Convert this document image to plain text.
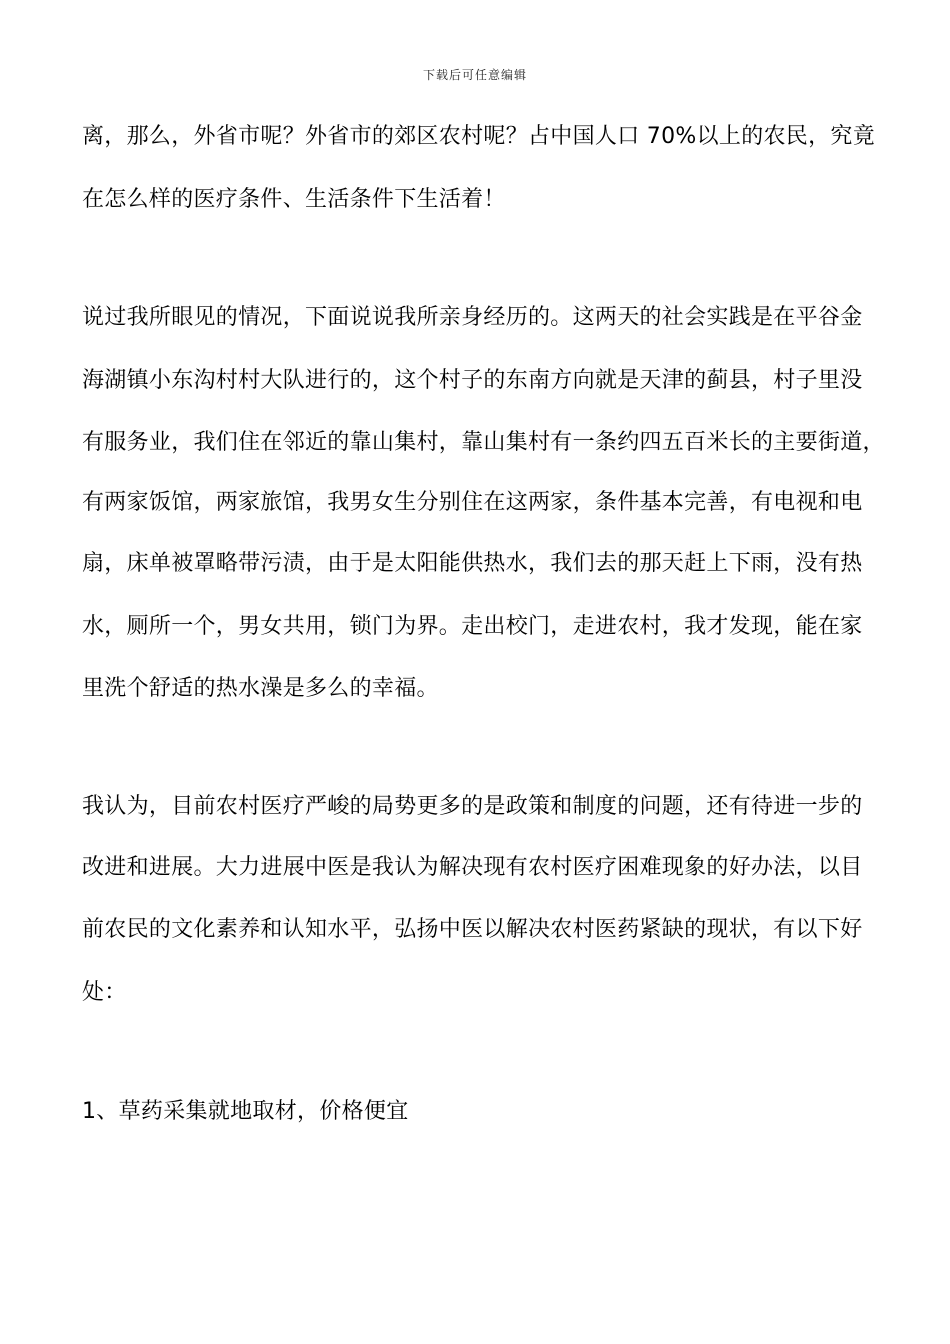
下载后可任意编辑
离，那么，外省市呢？外省市的郊区农村呢？占中国人口 70%以上的农民，究竟
在怎么样的医疗条件、生活条件下生活着！
说过我所眼见的情况，下面说说我所亲身经历的。这两天的社会实践是在平谷金
海湖镇小东沟村村大队进行的，这个村子的东南方向就是天津的蓟县，村子里没
有服务业，我们住在邻近的靠山集村，靠山集村有一条约四五百米长的主要街道，
有两家饭馆，两家旅馆，我男女生分别住在这两家，条件基本完善，有电视和电
扇，床单被罩略带污渍，由于是太阳能供热水，我们去的那天赶上下雨，没有热
水，厕所一个，男女共用，锁门为界。走出校门，走进农村，我才发现，能在家
里洗个舒适的热水澡是多么的幸福。
我认为，目前农村医疗严峻的局势更多的是政策和制度的问题，还有待进一步的
改进和进展。大力进展中医是我认为解决现有农村医疗困难现象的好办法，以目
前农民的文化素养和认知水平，弘扬中医以解决农村医药紧缺的现状，有以下好
处：
1、草药采集就地取材，价格便宜
